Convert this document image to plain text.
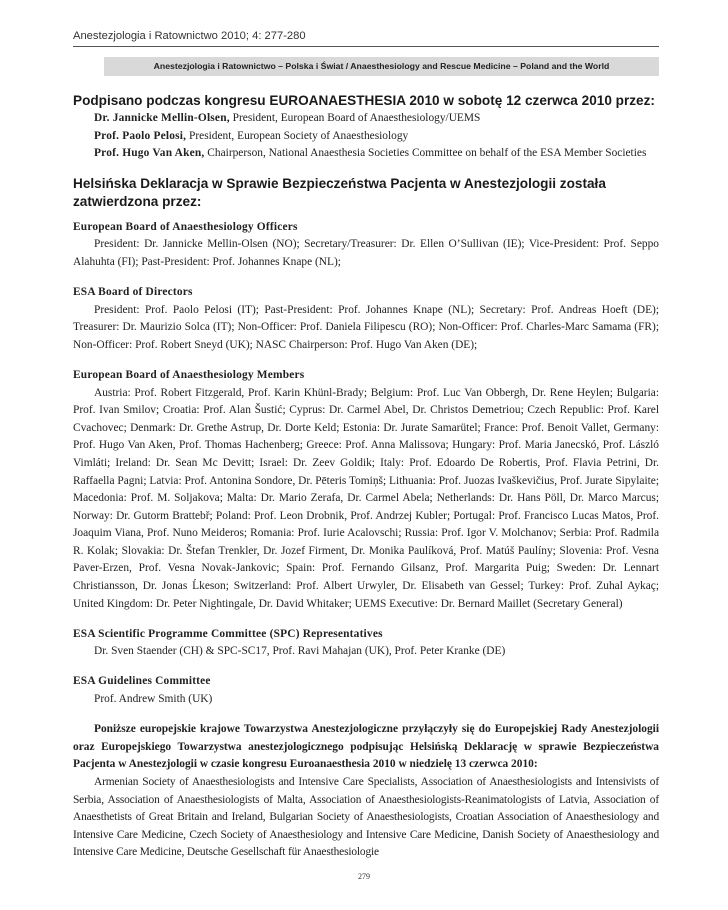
Anestezjologia i Ratownictwo 2010; 4: 277-280
Anestezjologia i Ratownictwo – Polska i Świat / Anaesthesiology and Rescue Medicine – Poland and the World
Podpisano podczas kongresu EUROANAESTHESIA 2010 w sobotę 12 czerwca 2010 przez:

Dr. Jannicke Mellin-Olsen, President, European Board of Anaesthesiology/UEMS

Prof. Paolo Pelosi, President, European Society of Anaesthesiology

Prof. Hugo Van Aken, Chairperson, National Anaesthesia Societies Committee on behalf of the ESA Member Societies

Helsińska Deklaracja w Sprawie Bezpieczeństwa Pacjenta w Anestezjologii została zatwierdzona przez:

European Board of Anaesthesiology Officers

President: Dr. Jannicke Mellin-Olsen (NO); Secretary/Treasurer: Dr. Ellen O’Sullivan (IE); Vice-President: Prof. Seppo Alahuhta (FI); Past-President: Prof. Johannes Knape (NL);

ESA Board of Directors

President: Prof. Paolo Pelosi (IT); Past-President: Prof. Johannes Knape (NL); Secretary: Prof. Andreas Hoeft (DE); Treasurer: Dr. Maurizio Solca (IT); Non-Officer: Prof. Daniela Filipescu (RO); Non-Officer: Prof. Charles-Marc Samama (FR); Non-Officer: Prof. Robert Sneyd (UK); NASC Chairperson: Prof. Hugo Van Aken (DE);

European Board of Anaesthesiology Members

Austria: Prof. Robert Fitzgerald, Prof. Karin Khünl-Brady; Belgium: Prof. Luc Van Obbergh, Dr. Rene Heylen; Bulgaria: Prof. Ivan Smilov; Croatia: Prof. Alan Šustić; Cyprus: Dr. Carmel Abel, Dr. Christos Demetriou; Czech Republic: Prof. Karel Cvachovec; Denmark: Dr. Grethe Astrup, Dr. Dorte Keld; Estonia: Dr. Jurate Samarütel; France: Prof. Benoit Vallet, Germany: Prof. Hugo Van Aken, Prof. Thomas Hachenberg; Greece: Prof. Anna Malissova; Hungary: Prof. Maria Janecskó, Prof. László Vimláti; Ireland: Dr. Sean Mc Devitt; Israel: Dr. Zeev Goldik; Italy: Prof. Edoardo De Robertis, Prof. Flavia Petrini, Dr. Raffaella Pagni; Latvia: Prof. Antonina Sondore, Dr. Pēteris Tomiņš; Lithuania: Prof. Juozas Ivaškevičius, Prof. Jurate Sipylaite; Macedonia: Prof. M. Soljakova; Malta: Dr. Mario Zerafa, Dr. Carmel Abela; Netherlands: Dr. Hans Pöll, Dr. Marco Marcus; Norway: Dr. Gutorm Brattebř; Poland: Prof. Leon Drobnik, Prof. Andrzej Kubler; Portugal: Prof. Francisco Lucas Matos, Prof. Joaquim Viana, Prof. Nuno Meideros; Romania: Prof. Iurie Acalovschi; Russia: Prof. Igor V. Molchanov; Serbia: Prof. Radmila R. Kolak; Slovakia: Dr. Štefan Trenkler, Dr. Jozef Firment, Dr. Monika Paulíková, Prof. Matúš Paulíny; Slovenia: Prof. Vesna Paver-Erzen, Prof. Vesna Novak-Jankovic; Spain: Prof. Fernando Gilsanz, Prof. Margarita Puig; Sweden: Dr. Lennart Christiansson, Dr. Jonas Ĺkeson; Switzerland: Prof. Albert Urwyler, Dr. Elisabeth van Gessel; Turkey: Prof. Zuhal Aykaç; United Kingdom: Dr. Peter Nightingale, Dr. David Whitaker; UEMS Executive: Dr. Bernard Maillet (Secretary General)

ESA Scientific Programme Committee (SPC) Representatives

Dr. Sven Staender (CH) & SPC-SC17, Prof. Ravi Mahajan (UK), Prof. Peter Kranke (DE)

ESA Guidelines Committee

Prof. Andrew Smith (UK)

Poniższe europejskie krajowe Towarzystwa Anestezjologiczne przyłączyły się do Europejskiej Rady Anestezjologii oraz Europejskiego Towarzystwa anestezjologicznego podpisując Helsińską Deklarację w sprawie Bezpieczeństwa Pacjenta w Anestezjologii w czasie kongresu Euroanaesthesia 2010 w niedzielę 13 czerwca 2010:

Armenian Society of Anaesthesiologists and Intensive Care Specialists, Association of Anaesthesiologists and Intensivists of Serbia, Association of Anaesthesiologists of Malta, Association of Anaesthesiologists-Reanimatologists of Latvia, Association of Anaesthetists of Great Britain and Ireland, Bulgarian Society of Anaesthesiologists, Croatian Association of Anaesthesiology and Intensive Care Medicine, Czech Society of Anaesthesiology and Intensive Care Medicine, Danish Society of Anaesthesiology and Intensive Care Medicine, Deutsche Gesellschaft für Anaesthesiologie

279
